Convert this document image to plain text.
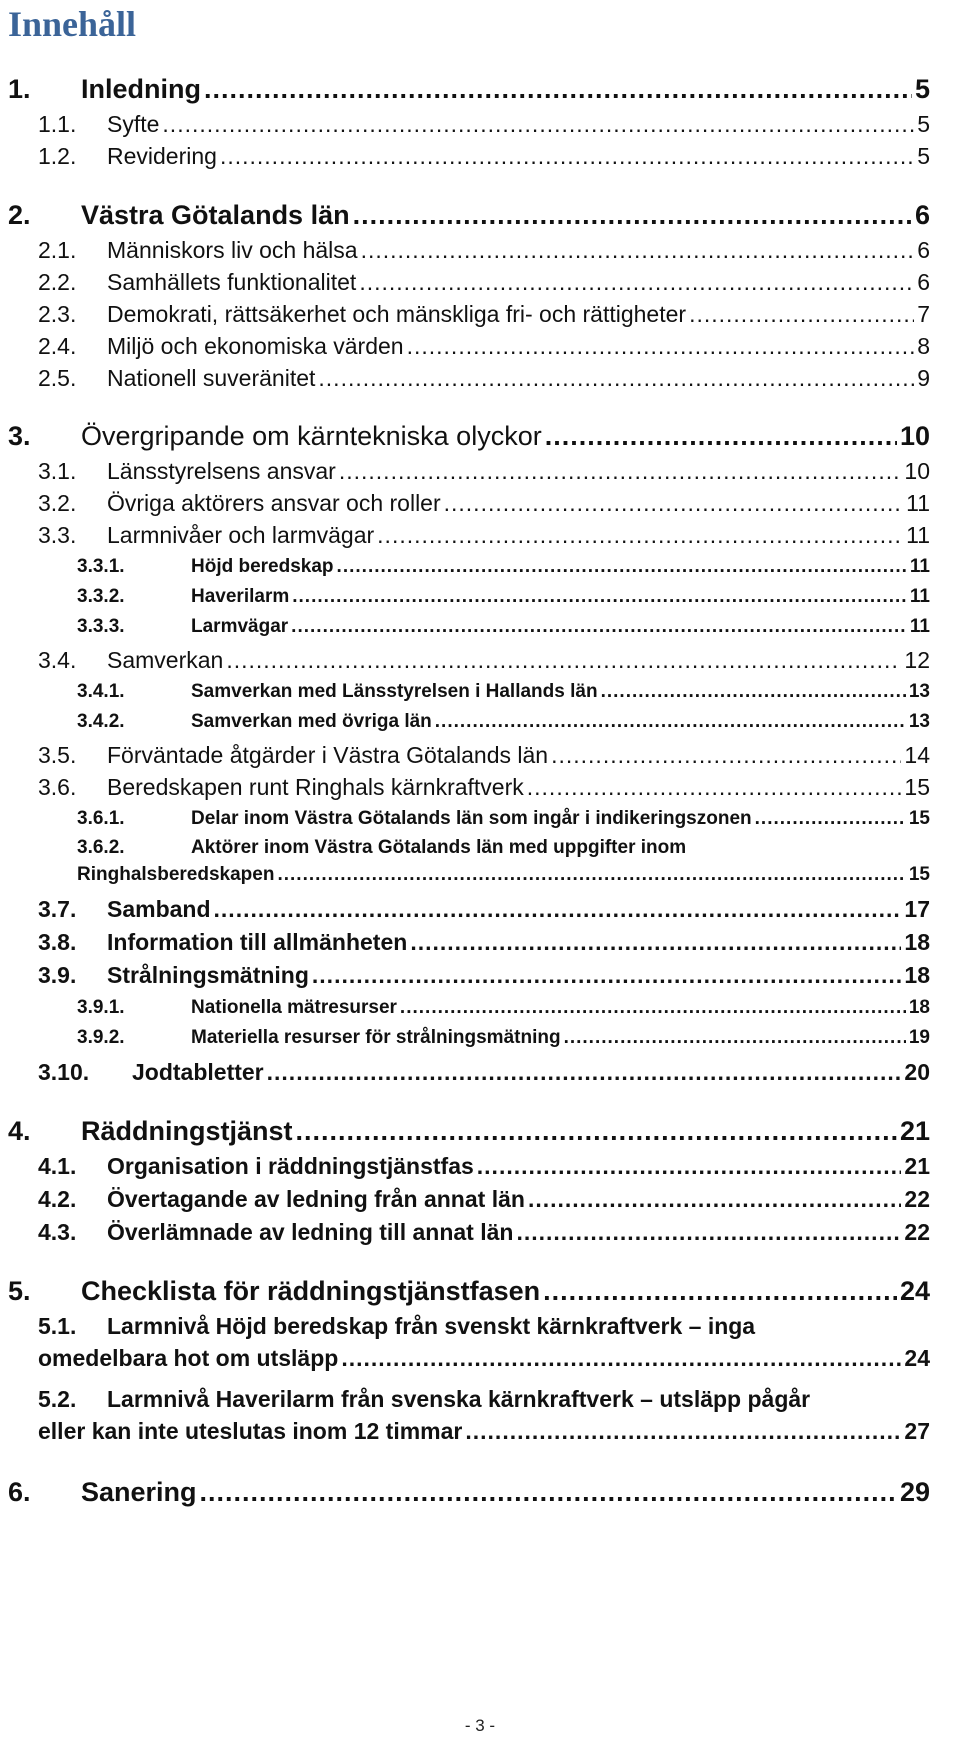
Innehåll
1.	Inledning .....	5
1.1.	Syfte .....	5
1.2.	Revidering .....	5
2.	Västra Götalands län .....	6
2.1.	Människors liv och hälsa .....	6
2.2.	Samhällets funktionalitet .....	6
2.3.	Demokrati, rättsäkerhet och mänskliga fri- och rättigheter .....	7
2.4.	Miljö och ekonomiska värden .....	8
2.5.	Nationell suveränitet .....	9
3.	Övergripande om kärntekniska olyckor .....	10
3.1.	Länsstyrelsens ansvar .....	10
3.2.	Övriga aktörers ansvar och roller .....	11
3.3.	Larmnivåer och larmvägar .....	11
3.3.1.	Höjd beredskap .....	11
3.3.2.	Haverilarm .....	11
3.3.3.	Larmvägar .....	11
3.4.	Samverkan .....	12
3.4.1.	Samverkan med Länsstyrelsen i Hallands län .....	13
3.4.2.	Samverkan med övriga län .....	13
3.5.	Förväntade åtgärder i Västra Götalands län .....	14
3.6.	Beredskapen runt Ringhals kärnkraftverk .....	15
3.6.1.	Delar inom Västra Götalands län som ingår i indikeringszonen .....	15
3.6.2.	Aktörer inom Västra Götalands län med uppgifter inom
Ringhalsberedskapen .....	15
3.7.	Samband .....	17
3.8.	Information till allmänheten .....	18
3.9.	Strålningsmätning .....	18
3.9.1.	Nationella mätresurser .....	18
3.9.2.	Materiella resurser för strålningsmätning .....	19
3.10.	Jodtabletter .....	20
4.	Räddningstjänst .....	21
4.1.	Organisation i räddningstjänstfas .....	21
4.2.	Övertagande av ledning från annat län .....	22
4.3.	Överlämnade av ledning till annat län .....	22
5.	Checklista för räddningstjänstfasen .....	24
5.1. Larmnivå Höjd beredskap från svenskt kärnkraftverk – inga
omedelbara hot om utsläpp .....	24
5.2. Larmnivå Haverilarm från svenska kärnkraftverk – utsläpp pågår
eller kan inte uteslutas inom 12 timmar .....	27
6.	Sanering .....	29
- 3 -
